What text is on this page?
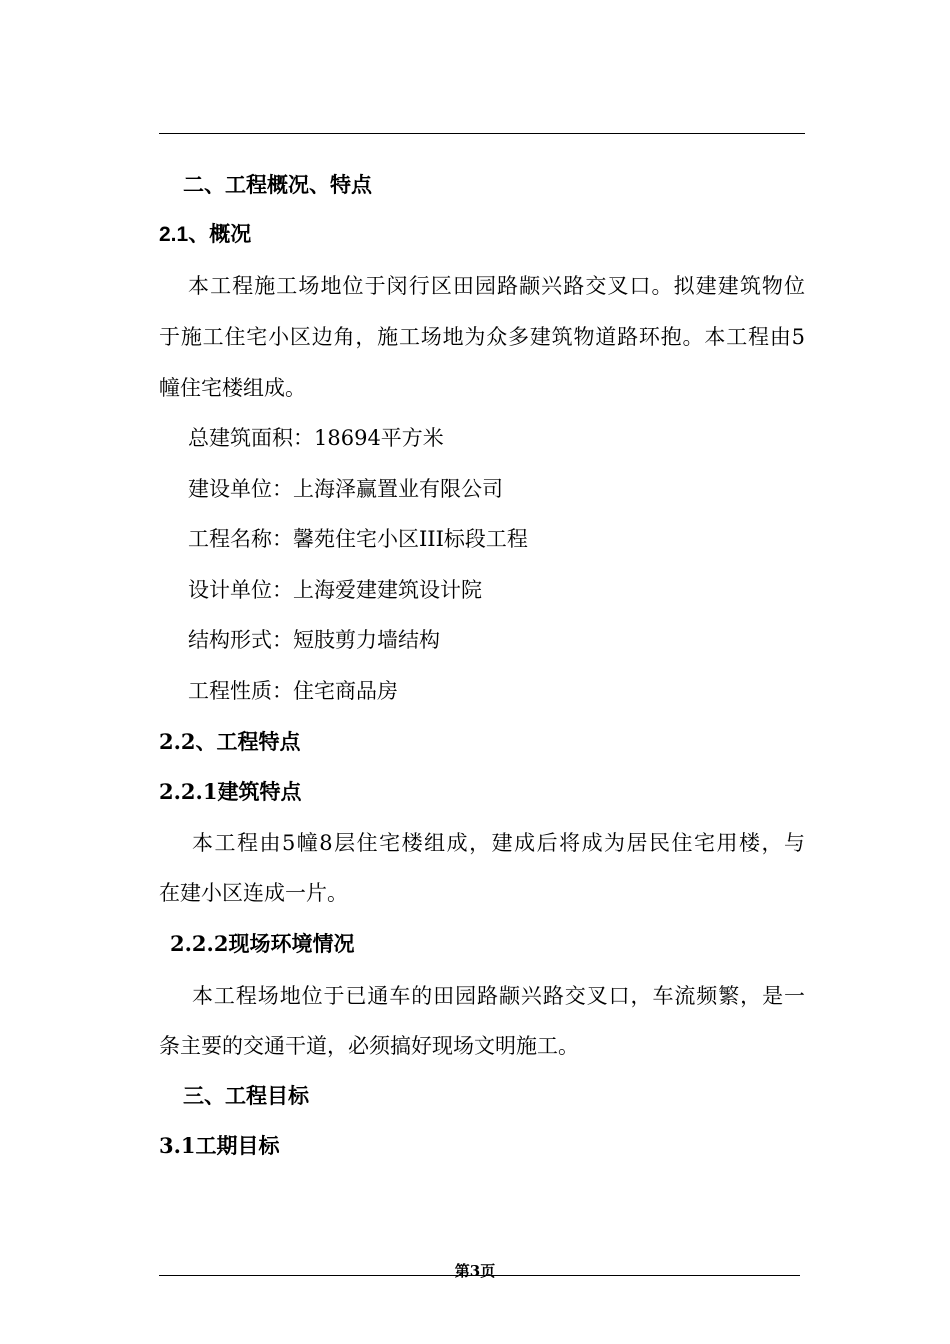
二、工程概况、特点
2.1、概况
本工程施工场地位于闵行区田园路颛兴路交叉口。拟建建筑物位
于施工住宅小区边角，施工场地为众多建筑物道路环抱。本工程由5
幢住宅楼组成。
总建筑面积：18694平方米
建设单位：上海泽赢置业有限公司
工程名称：馨苑住宅小区III标段工程
设计单位：上海爱建建筑设计院
结构形式：短肢剪力墙结构
工程性质：住宅商品房
2.2、工程特点
2.2.1建筑特点
本工程由5幢8层住宅楼组成，建成后将成为居民住宅用楼，与
在建小区连成一片。
2.2.2现场环境情况
本工程场地位于已通车的田园路颛兴路交叉口，车流频繁，是一
条主要的交通干道，必须搞好现场文明施工。
三、工程目标
3.1工期目标
第3页
